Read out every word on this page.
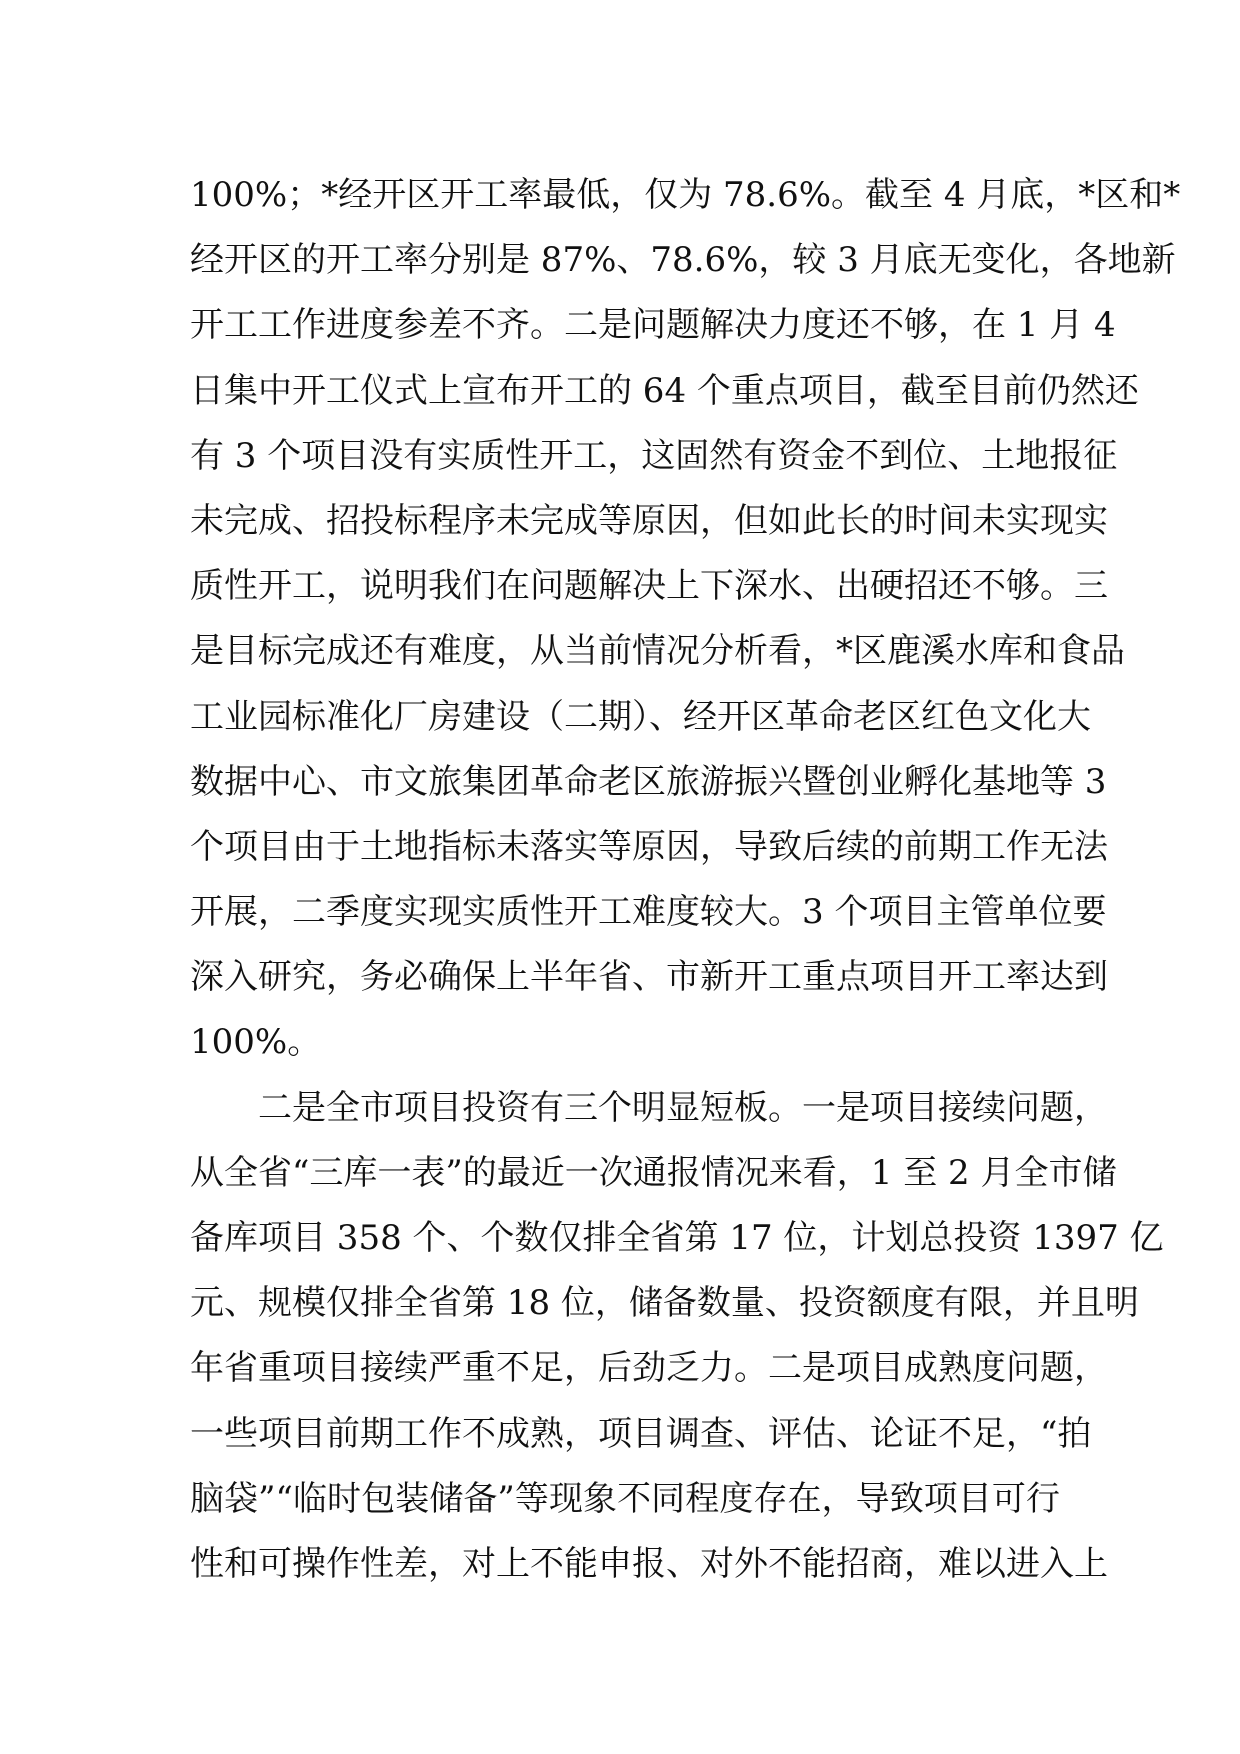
100%；*经开区开工率最低，仅为 78.6%。截至 4 月底，*区和*
经开区的开工率分别是 87%、78.6%，较 3 月底无变化，各地新
开工工作进度参差不齐。二是问题解决力度还不够，在 1 月 4
日集中开工仪式上宣布开工的 64 个重点项目，截至目前仍然还
有 3 个项目没有实质性开工，这固然有资金不到位、土地报征
未完成、招投标程序未完成等原因，但如此长的时间未实现实
质性开工，说明我们在问题解决上下深水、出硬招还不够。三
是目标完成还有难度，从当前情况分析看，*区鹿溪水库和食品
工业园标准化厂房建设（二期）、经开区革命老区红色文化大
数据中心、市文旅集团革命老区旅游振兴暨创业孵化基地等 3
个项目由于土地指标未落实等原因，导致后续的前期工作无法
开展，二季度实现实质性开工难度较大。3 个项目主管单位要
深入研究，务必确保上半年省、市新开工重点项目开工率达到
100%。
二是全市项目投资有三个明显短板。一是项目接续问题，
从全省“三库一表”的最近一次通报情况来看，1 至 2 月全市储
备库项目 358 个、个数仅排全省第 17 位，计划总投资 1397 亿
元、规模仅排全省第 18 位，储备数量、投资额度有限，并且明
年省重项目接续严重不足，后劲乏力。二是项目成熟度问题，
一些项目前期工作不成熟，项目调查、评估、论证不足，“拍
脑袋”“临时包装储备”等现象不同程度存在，导致项目可行
性和可操作性差，对上不能申报、对外不能招商，难以进入上
